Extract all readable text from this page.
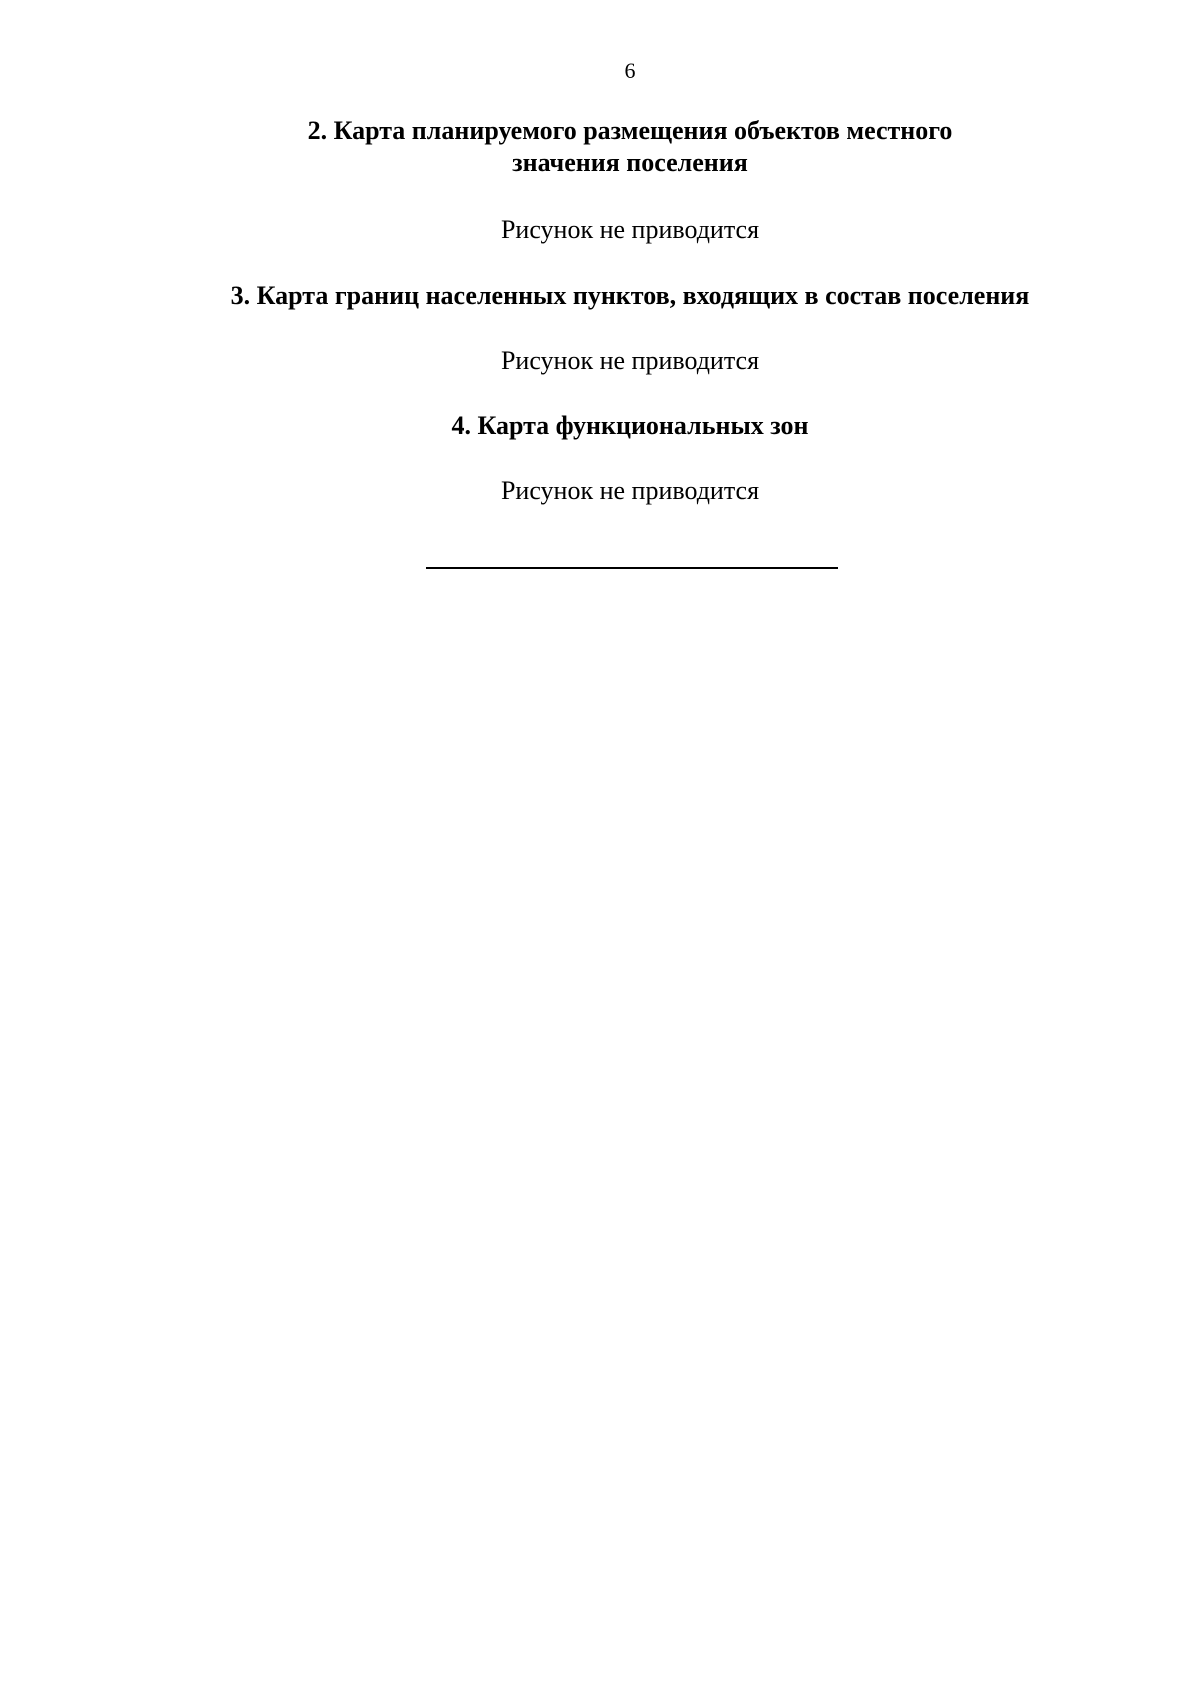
6
2. Карта планируемого размещения объектов местного
значения поселения
Рисунок не приводится
3. Карта границ населенных пунктов, входящих в состав поселения
Рисунок не приводится
4. Карта функциональных зон
Рисунок не приводится
